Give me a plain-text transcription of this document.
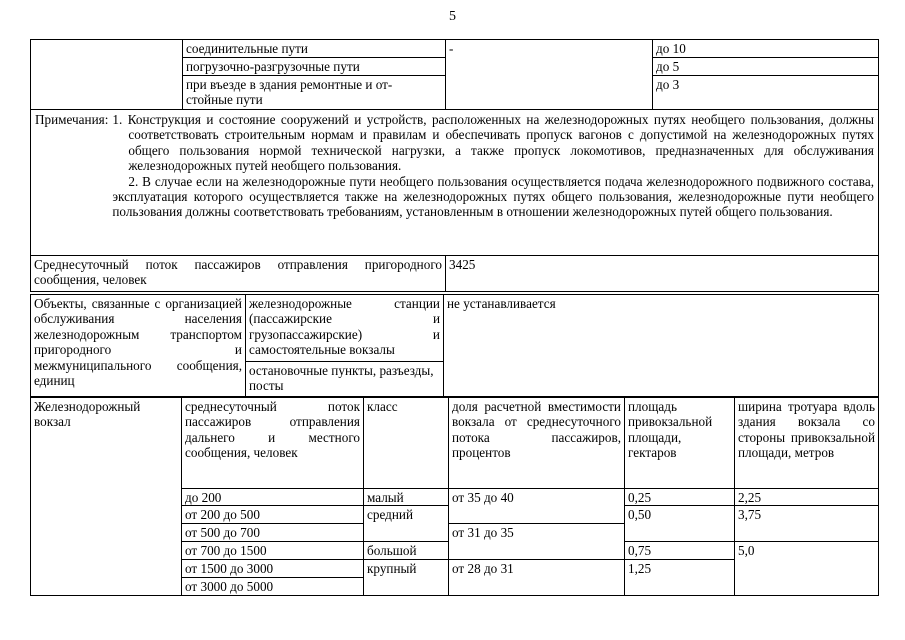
5
	соединительные пути	-	до 10
	погрузочно-разгрузочные пути		до 5
	при въезде в здания ремонтные и от-
стойные пути		до 3

Примечания: 1. Конструкция и состояние сооружений и устройств, расположенных на железнодорожных путях необщего пользования, должны соответствовать строительным нормам и правилам и обеспечивать пропуск вагонов с допустимой на железнодорожных путях общего пользования нормой технической нагрузки, а также пропуск локомотивов, предназначенных для обслуживания железнодорожных путей необщего пользования.

2. В случае если на железнодорожные пути необщего пользования осуществляется подача железнодорожного подвижного состава, эксплуатация которого осуществляется также на железнодорожных путях общего пользования, железнодорожные пути необщего пользования должны соответствовать требованиям, установленным в отношении железнодорожных путей общего пользования.			

Среднесуточный поток пассажиров отправления пригородного сообщения, человек		3425	
Объекты, связанные с организацией обслуживания населения железнодорожным транспортом пригородного и межмуниципального сообщения, единиц	железнодорожные станции (пассажирские и грузопассажирские) и самостоятельные вокзалы	не устанавливается
остановочные пункты, разъезды, посты
Железнодорожный вокзал	среднесуточный поток пассажиров отправления дальнего и местного сообщения, человек	класс	доля расчетной вместимости вокзала от среднесуточного потока пассажиров, процентов	площадь привокзальной площади, гектаров	ширина тротуара вдоль здания вокзала со стороны привокзальной площади, метров
	до 200	малый	от 35 до 40	0,25	2,25
	от 200 до 500	средний		0,50	3,75
	от 500 до 700		от 31 до 35		
	от 700 до 1500	большой		0,75	5,0
	от 1500 до 3000	крупный	от 28 до 31	1,25	
	от 3000 до 5000				
